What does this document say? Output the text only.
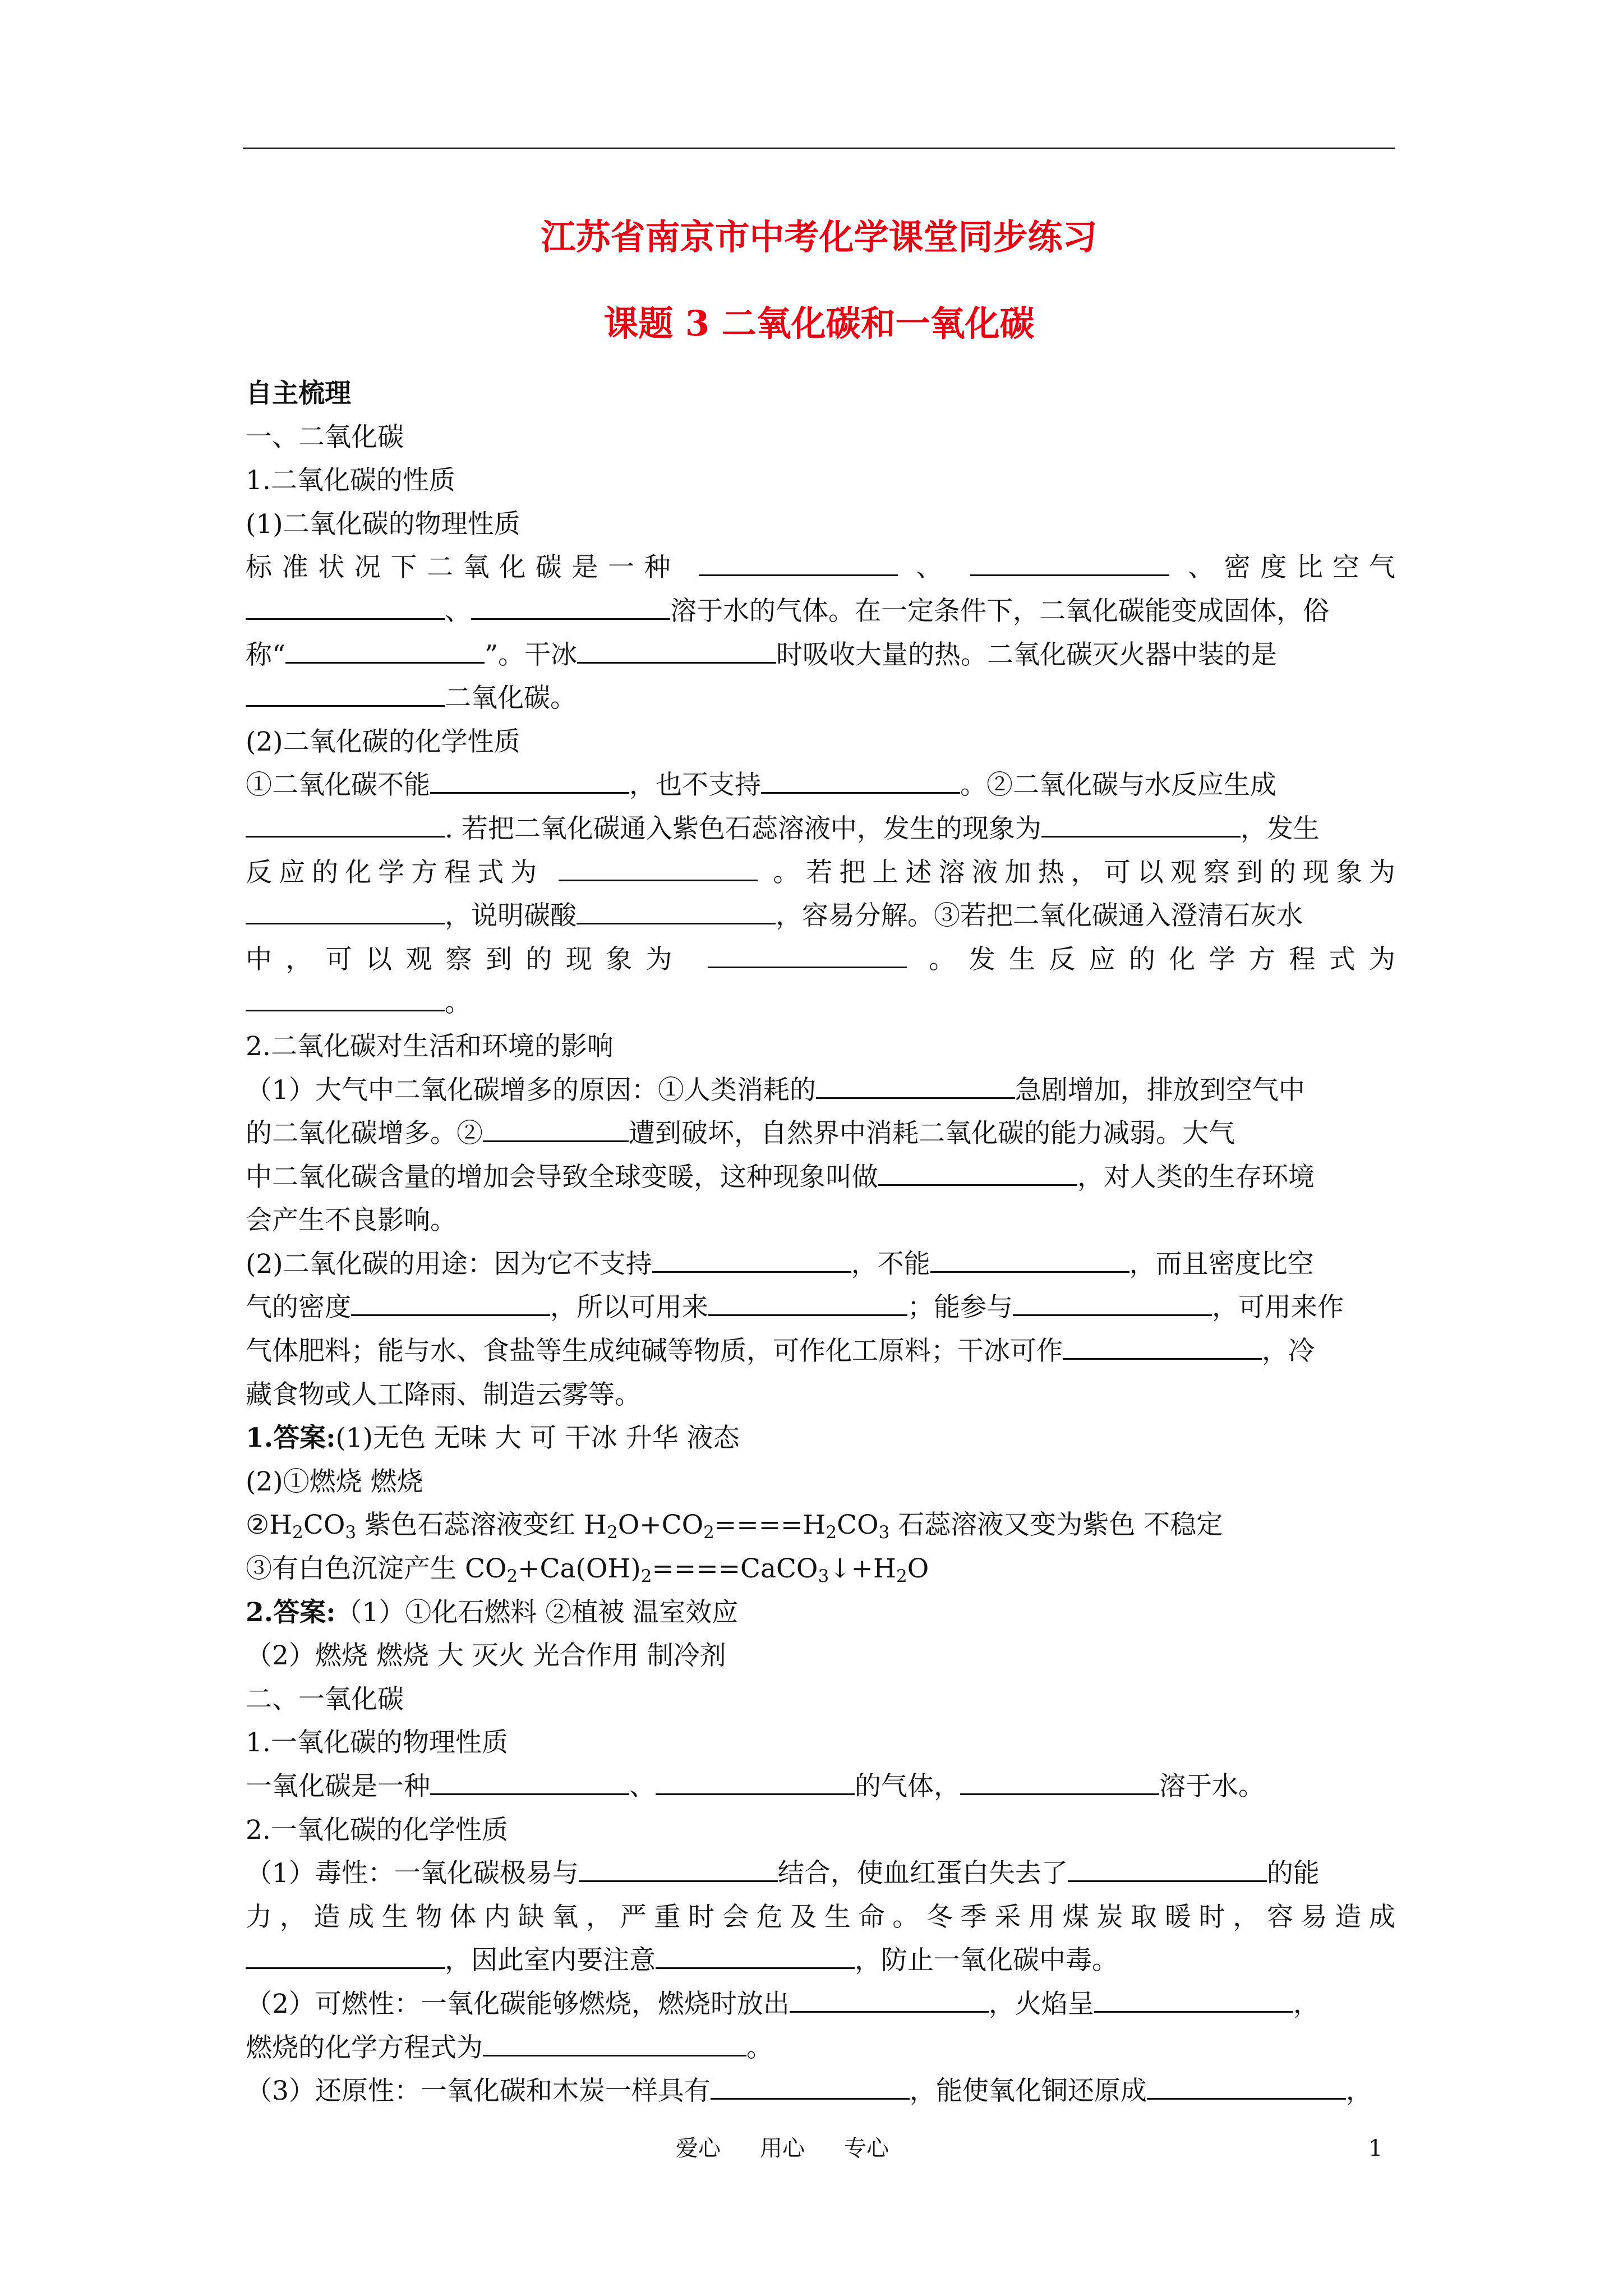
江苏省南京市中考化学课堂同步练习
课题 3 二氧化碳和一氧化碳
自主梳理
一、二氧化碳
1.二氧化碳的性质
(1)二氧化碳的物理性质
标准状况下二氧化碳是一种	、	、密度比空气
、	溶于水的气体。在一定条件下，二氧化碳能变成固体，俗
称“	”。干冰	时吸收大量的热。二氧化碳灭火器中装的是
二氧化碳。
(2)二氧化碳的化学性质
①二氧化碳不能	，也不支持	。②二氧化碳与水反应生成
. 若把二氧化碳通入紫色石蕊溶液中，发生的现象为	，发生
反应的化学方程式为	。若把上述溶液加热，可以观察到的现象为
，说明碳酸	，容易分解。③若把二氧化碳通入澄清石灰水
中，可以观察到的现象为	。发生反应的化学方程式为
。
2.二氧化碳对生活和环境的影响
（1）大气中二氧化碳增多的原因：①人类消耗的	急剧增加，排放到空气中
的二氧化碳增多。②	遭到破坏，自然界中消耗二氧化碳的能力减弱。大气
中二氧化碳含量的增加会导致全球变暖，这种现象叫做	，对人类的生存环境
会产生不良影响。
(2)二氧化碳的用途：因为它不支持	，不能	，而且密度比空
气的密度	，所以可用来	；能参与	，可用来作
气体肥料；能与水、食盐等生成纯碱等物质，可作化工原料；干冰可作	，冷
藏食物或人工降雨、制造云雾等。
1.答案:(1)无色 无味 大 可 干冰 升华 液态
(2)①燃烧 燃烧
$②H_2CO_3$ 紫色石蕊溶液变红 $H_2O+CO_2====H_2CO_3$ 石蕊溶液又变为紫色 不稳定
③有白色沉淀产生 $CO_2+Ca(OH)_2====CaCO_3↓+H_2O$
2.答案:（1）①化石燃料 ②植被 温室效应
（2）燃烧 燃烧 大 灭火 光合作用 制冷剂
二、一氧化碳
1.一氧化碳的物理性质
一氧化碳是一种	、	的气体，	溶于水。
2.一氧化碳的化学性质
（1）毒性：一氧化碳极易与	结合，使血红蛋白失去了	的能
力，造成生物体内缺氧，严重时会危及生命。冬季采用煤炭取暖时，容易造成
，因此室内要注意	，防止一氧化碳中毒。
（2）可燃性：一氧化碳能够燃烧，燃烧时放出	，火焰呈	，
燃烧的化学方程式为	。
（3）还原性：一氧化碳和木炭一样具有	，能使氧化铜还原成	，
爱心 用心 专心	1
